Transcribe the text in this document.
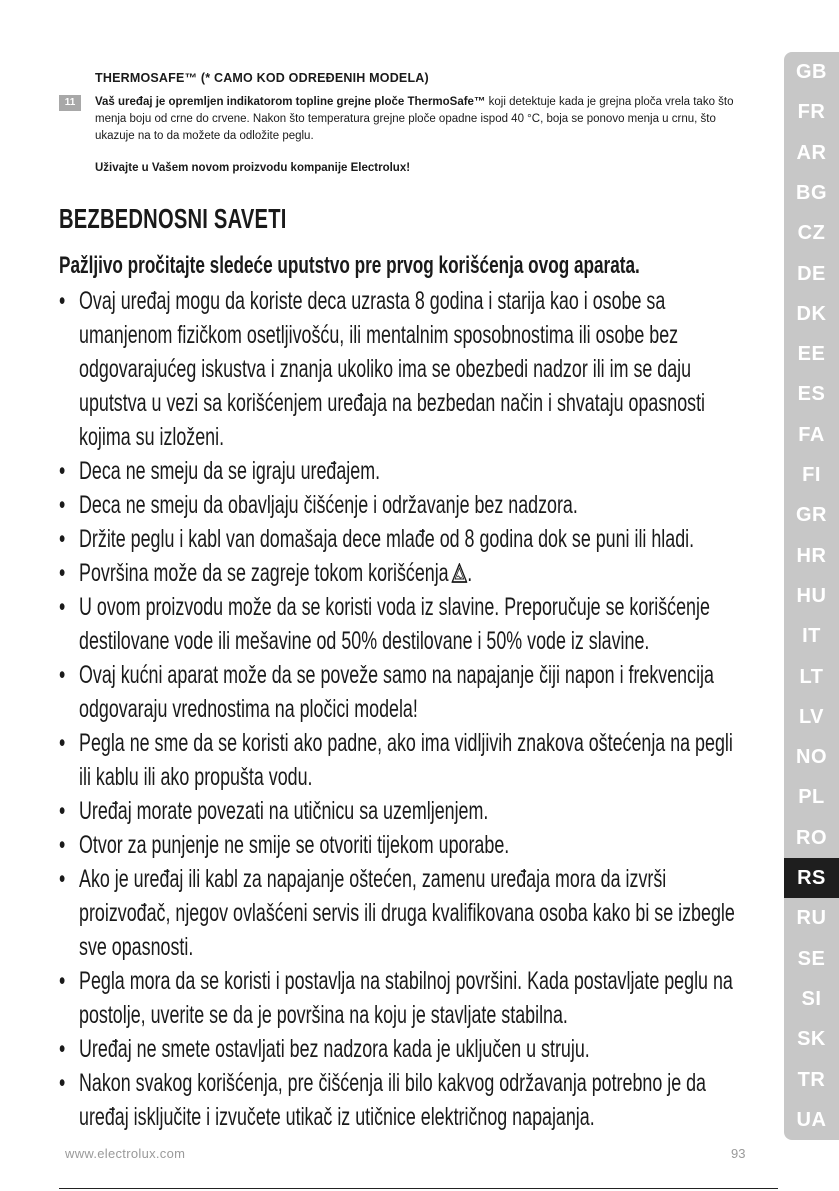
THERMOSAFE™ (* CAMO KOD ODREĐENIH MODELA)
11	Vaš uređaj je opremljen indikatorom topline grejne ploče ThermoSafe™ koji detektuje kada je grejna ploča vrela tako što menja boju od crne do crvene. Nakon što temperatura grejne ploče opadne ispod 40 °C, boja se ponovo menja u crnu, što ukazuje na to da možete da odložite peglu.

Uživajte u Vašem novom proizvodu kompanije Electrolux!

BEZBEDNOSNI SAVETI

Pažljivo pročitajte sledeće uputstvo pre prvog korišćenja ovog aparata.

• Ovaj uređaj mogu da koriste deca uzrasta 8 godina i starija kao i osobe sa umanjenom fizičkom osetljivošću, ili mentalnim sposobnostima ili osobe bez odgovarajućeg iskustva i znanja ukoliko ima se obezbedi nadzor ili im se daju uputstva u vezi sa korišćenjem uređaja na bezbedan način i shvataju opasnosti kojima su izloženi.
• Deca ne smeju da se igraju uređajem.
• Deca ne smeju da obavljaju čišćenje i održavanje bez nadzora.
• Držite peglu i kabl van domašaja dece mlađe od 8 godina dok se puni ili hladi.
• Površina može da se zagreje tokom korišćenja .
• U ovom proizvodu može da se koristi voda iz slavine. Preporučuje se korišćenje destilovane vode ili mešavine od 50% destilovane i 50% vode iz slavine.
• Ovaj kućni aparat može da se poveže samo na napajanje čiji napon i frekvencija odgovaraju vrednostima na pločici modela!
• Pegla ne sme da se koristi ako padne, ako ima vidljivih znakova oštećenja na pegli ili kablu ili ako propušta vodu.
• Uređaj morate povezati na utičnicu sa uzemljenjem.
• Otvor za punjenje ne smije se otvoriti tijekom uporabe.
• Ako je uređaj ili kabl za napajanje oštećen, zamenu uređaja mora da izvrši proizvođač, njegov ovlašćeni servis ili druga kvalifikovana osoba kako bi se izbegle sve opasnosti.
• Pegla mora da se koristi i postavlja na stabilnoj površini. Kada postavljate peglu na postolje, uverite se da je površina na koju je stavljate stabilna.
• Uređaj ne smete ostavljati bez nadzora kada je uključen u struju.
• Nakon svakog korišćenja, pre čišćenja ili bilo kakvog održavanja potrebno je da uređaj isključite i izvučete utikač iz utičnice električnog napajanja.
GB
FR
AR
BG
CZ
DE
DK
EE
ES
FA
FI
GR
HR
HU
IT
LT
LV
NO
PL
RO
RS
RU
SE
SI
SK
TR
UA
www.electrolux.com	93
